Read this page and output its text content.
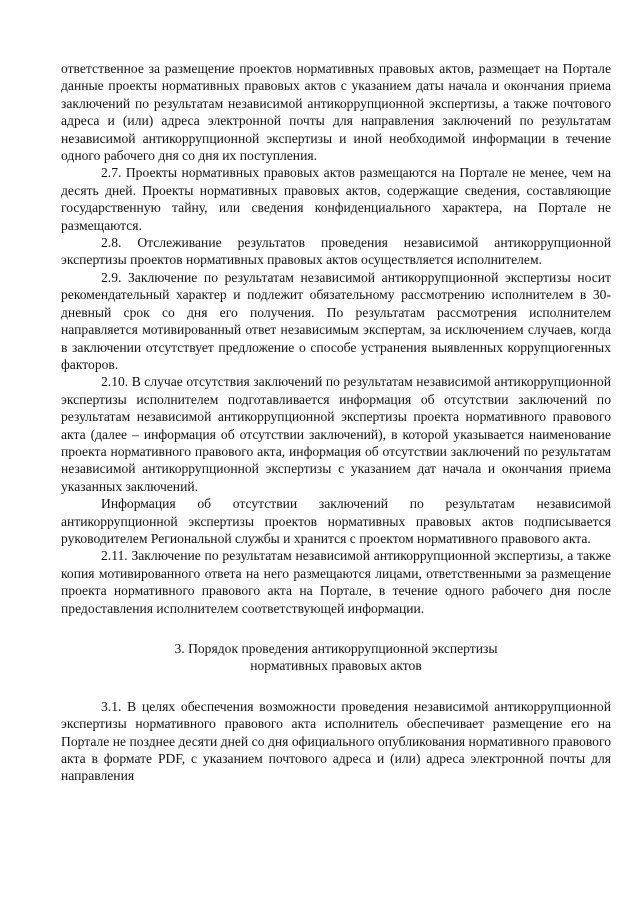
ответственное за размещение проектов нормативных правовых актов, размещает на Порталe данные проекты нормативных правовых актов с указанием даты начала и окончания приема заключений по результатам независимой антикоррупционной экспертизы, а также почтового адреса и (или) адреса электронной почты для направления заключений по результатам независимой антикоррупционной экспертизы и иной необходимой информации в течение одного рабочего дня со дня их поступления.

2.7. Проекты нормативных правовых актов размещаются на Портале не менее, чем на десять дней. Проекты нормативных правовых актов, содержащие сведения, составляющие государственную тайну, или сведения конфиденциального характера, на Портале не размещаются.

2.8. Отслеживание результатов проведения независимой антикоррупционной экспертизы проектов нормативных правовых актов осуществляется исполнителем.

2.9. Заключение по результатам независимой антикоррупционной экспертизы носит рекомендательный характер и подлежит обязательному рассмотрению исполнителем в 30-дневный срок со дня его получения. По результатам рассмотрения исполнителем направляется мотивированный ответ независимым экспертам, за исключением случаев, когда в заключении отсутствует предложение о способе устранения выявленных коррупциогенных факторов.

2.10. В случае отсутствия заключений по результатам независимой антикоррупционной экспертизы исполнителем подготавливается информация об отсутствии заключений по результатам независимой антикоррупционной экспертизы проекта нормативного правового акта (далее – информация об отсутствии заключений), в которой указывается наименование проекта нормативного правового акта, информация об отсутствии заключений по результатам независимой антикоррупционной экспертизы с указанием дат начала и окончания приема указанных заключений.

Информация об отсутствии заключений по результатам независимой антикоррупционной экспертизы проектов нормативных правовых актов подписывается руководителем Региональной службы и хранится с проектом нормативного правового акта.

2.11. Заключение по результатам независимой антикоррупционной экспертизы, а также копия мотивированного ответа на него размещаются лицами, ответственными за размещение проекта нормативного правового акта на Портале, в течение одного рабочего дня после предоставления исполнителем соответствующей информации.

3. Порядок проведения антикоррупционной экспертизы

нормативных правовых актов

3.1. В целях обеспечения возможности проведения независимой антикоррупционной экспертизы нормативного правового акта исполнитель обеспечивает размещение его на Портале не позднее десяти дней со дня официального опубликования нормативного правового акта в формате PDF, с указанием почтового адреса и (или) адреса электронной почты для направления
